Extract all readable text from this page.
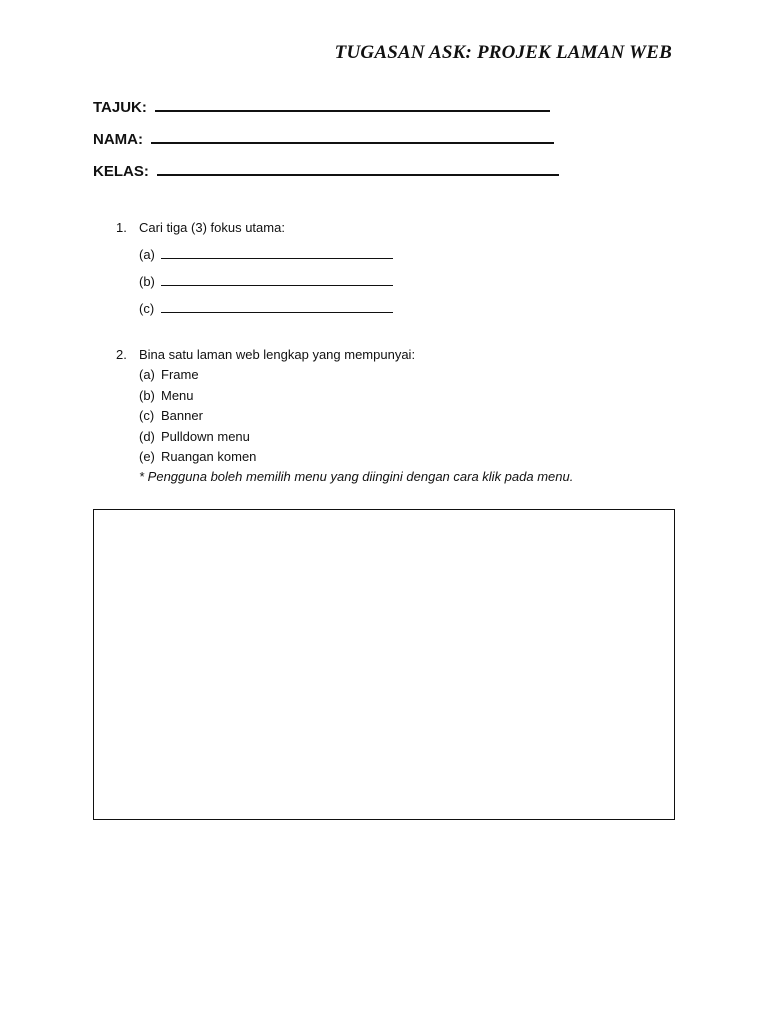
TUGASAN ASK: PROJEK LAMAN WEB
TAJUK:
NAMA:
KELAS:
1. Cari tiga (3) fokus utama:
(a)
(b)
(c)
2. Bina satu laman web lengkap yang mempunyai:
(a) Frame
(b) Menu
(c) Banner
(d) Pulldown menu
(e) Ruangan komen
* Pengguna boleh memilih menu yang diingini dengan cara klik pada menu.
